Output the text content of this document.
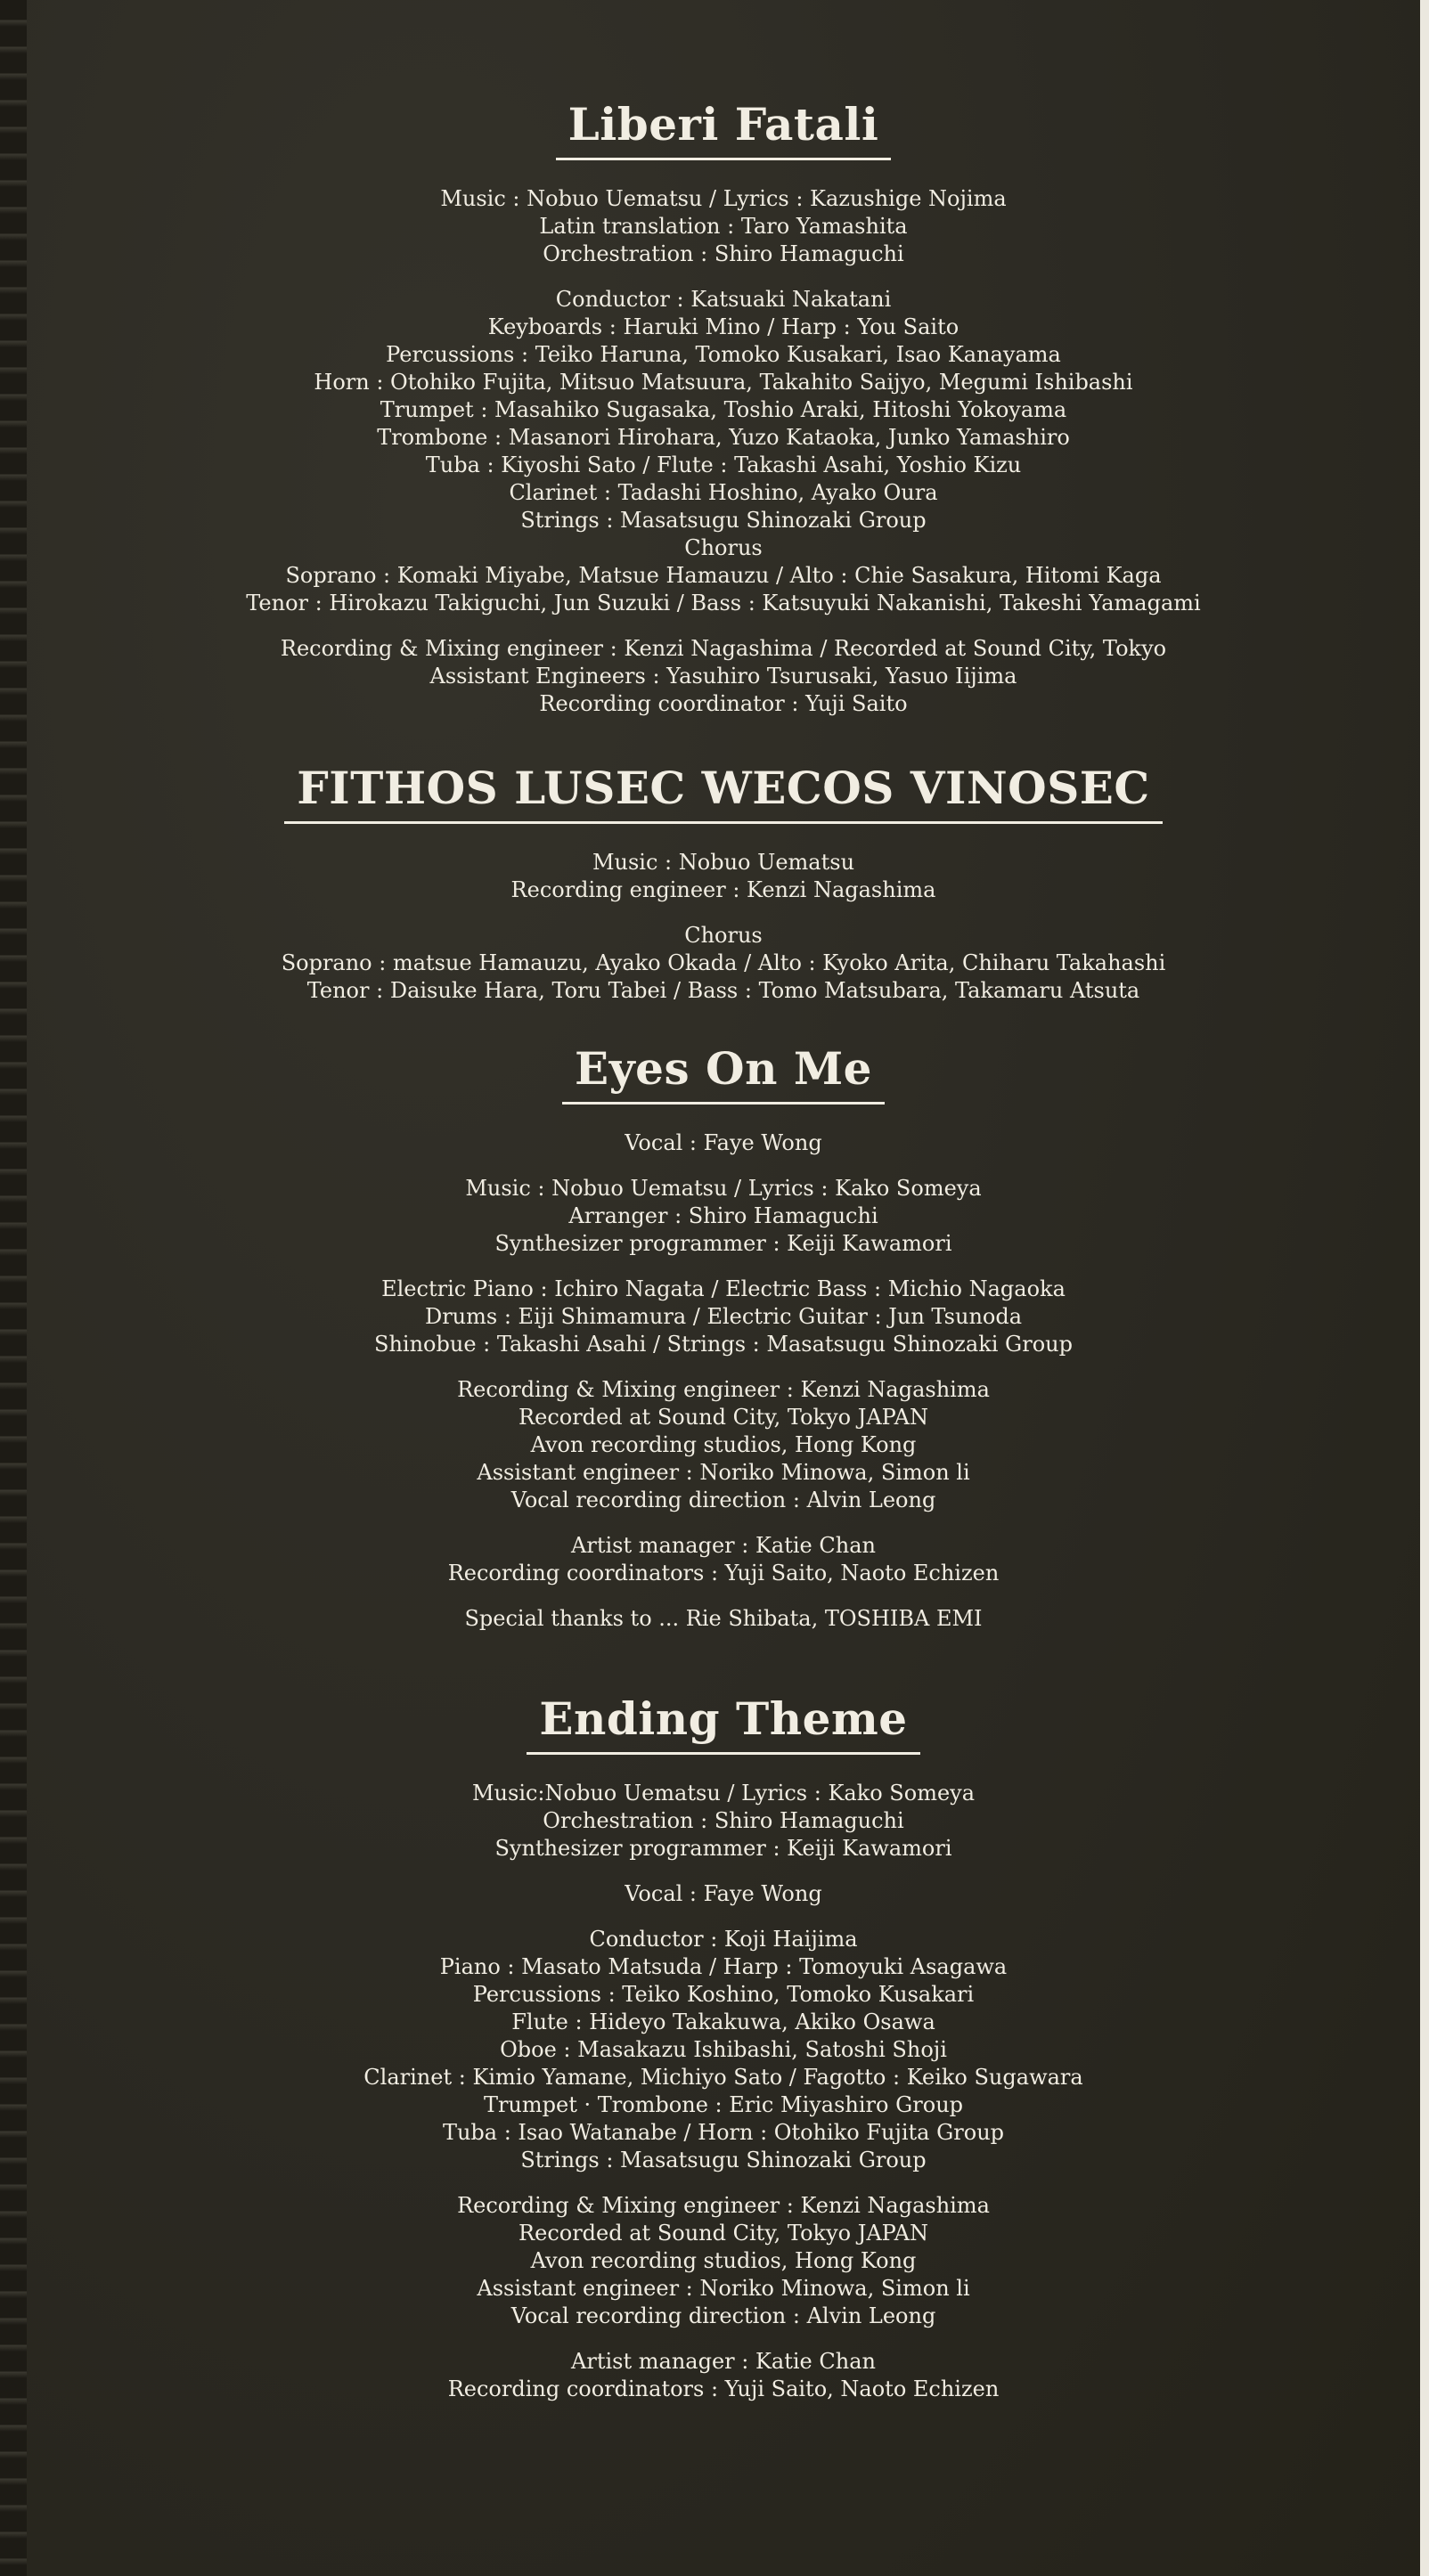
Liberi Fatali

Music : Nobuo Uematsu / Lyrics : Kazushige Nojima

Latin translation : Taro Yamashita

Orchestration : Shiro Hamaguchi

Conductor : Katsuaki Nakatani

Keyboards : Haruki Mino / Harp : You Saito

Percussions : Teiko Haruna, Tomoko Kusakari, Isao Kanayama

Horn : Otohiko Fujita, Mitsuo Matsuura, Takahito Saijyo, Megumi Ishibashi

Trumpet : Masahiko Sugasaka, Toshio Araki, Hitoshi Yokoyama

Trombone : Masanori Hirohara, Yuzo Kataoka, Junko Yamashiro

Tuba : Kiyoshi Sato / Flute : Takashi Asahi, Yoshio Kizu

Clarinet : Tadashi Hoshino, Ayako Oura

Strings : Masatsugu Shinozaki Group

Chorus

Soprano : Komaki Miyabe, Matsue Hamauzu / Alto : Chie Sasakura, Hitomi Kaga

Tenor : Hirokazu Takiguchi, Jun Suzuki / Bass : Katsuyuki Nakanishi, Takeshi Yamagami

Recording & Mixing engineer : Kenzi Nagashima / Recorded at Sound City, Tokyo

Assistant Engineers : Yasuhiro Tsurusaki, Yasuo Iijima

Recording coordinator : Yuji Saito

FITHOS LUSEC WECOS VINOSEC

Music : Nobuo Uematsu

Recording engineer : Kenzi Nagashima

Chorus

Soprano : matsue Hamauzu, Ayako Okada / Alto : Kyoko Arita, Chiharu Takahashi

Tenor : Daisuke Hara, Toru Tabei / Bass : Tomo Matsubara, Takamaru Atsuta

Eyes On Me

Vocal : Faye Wong

Music : Nobuo Uematsu / Lyrics : Kako Someya

Arranger : Shiro Hamaguchi

Synthesizer programmer : Keiji Kawamori

Electric Piano : Ichiro Nagata / Electric Bass : Michio Nagaoka

Drums : Eiji Shimamura / Electric Guitar : Jun Tsunoda

Shinobue : Takashi Asahi / Strings : Masatsugu Shinozaki Group

Recording & Mixing engineer : Kenzi Nagashima

Recorded at Sound City, Tokyo JAPAN

Avon recording studios, Hong Kong

Assistant engineer : Noriko Minowa, Simon li

Vocal recording direction : Alvin Leong

Artist manager : Katie Chan

Recording coordinators : Yuji Saito, Naoto Echizen

Special thanks to ... Rie Shibata, TOSHIBA EMI

Ending Theme

Music:Nobuo Uematsu / Lyrics : Kako Someya

Orchestration : Shiro Hamaguchi

Synthesizer programmer : Keiji Kawamori

Vocal : Faye Wong

Conductor : Koji Haijima

Piano : Masato Matsuda / Harp : Tomoyuki Asagawa

Percussions : Teiko Koshino, Tomoko Kusakari

Flute : Hideyo Takakuwa, Akiko Osawa

Oboe : Masakazu Ishibashi, Satoshi Shoji

Clarinet : Kimio Yamane, Michiyo Sato / Fagotto : Keiko Sugawara

Trumpet · Trombone : Eric Miyashiro Group

Tuba : Isao Watanabe / Horn : Otohiko Fujita Group

Strings : Masatsugu Shinozaki Group

Recording & Mixing engineer : Kenzi Nagashima

Recorded at Sound City, Tokyo JAPAN

Avon recording studios, Hong Kong

Assistant engineer : Noriko Minowa, Simon li

Vocal recording direction : Alvin Leong

Artist manager : Katie Chan

Recording coordinators : Yuji Saito, Naoto Echizen
